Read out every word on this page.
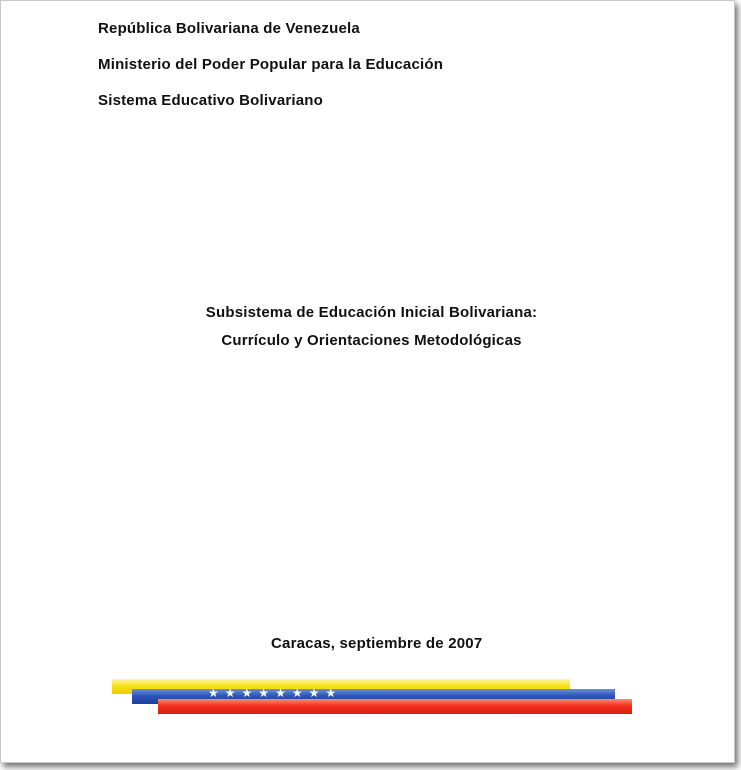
República Bolivariana de Venezuela
Ministerio del Poder Popular para la Educación
Sistema Educativo Bolivariano
Subsistema de Educación Inicial Bolivariana:
Currículo y Orientaciones Metodológicas
Caracas, septiembre de 2007
★★★★★★★★
